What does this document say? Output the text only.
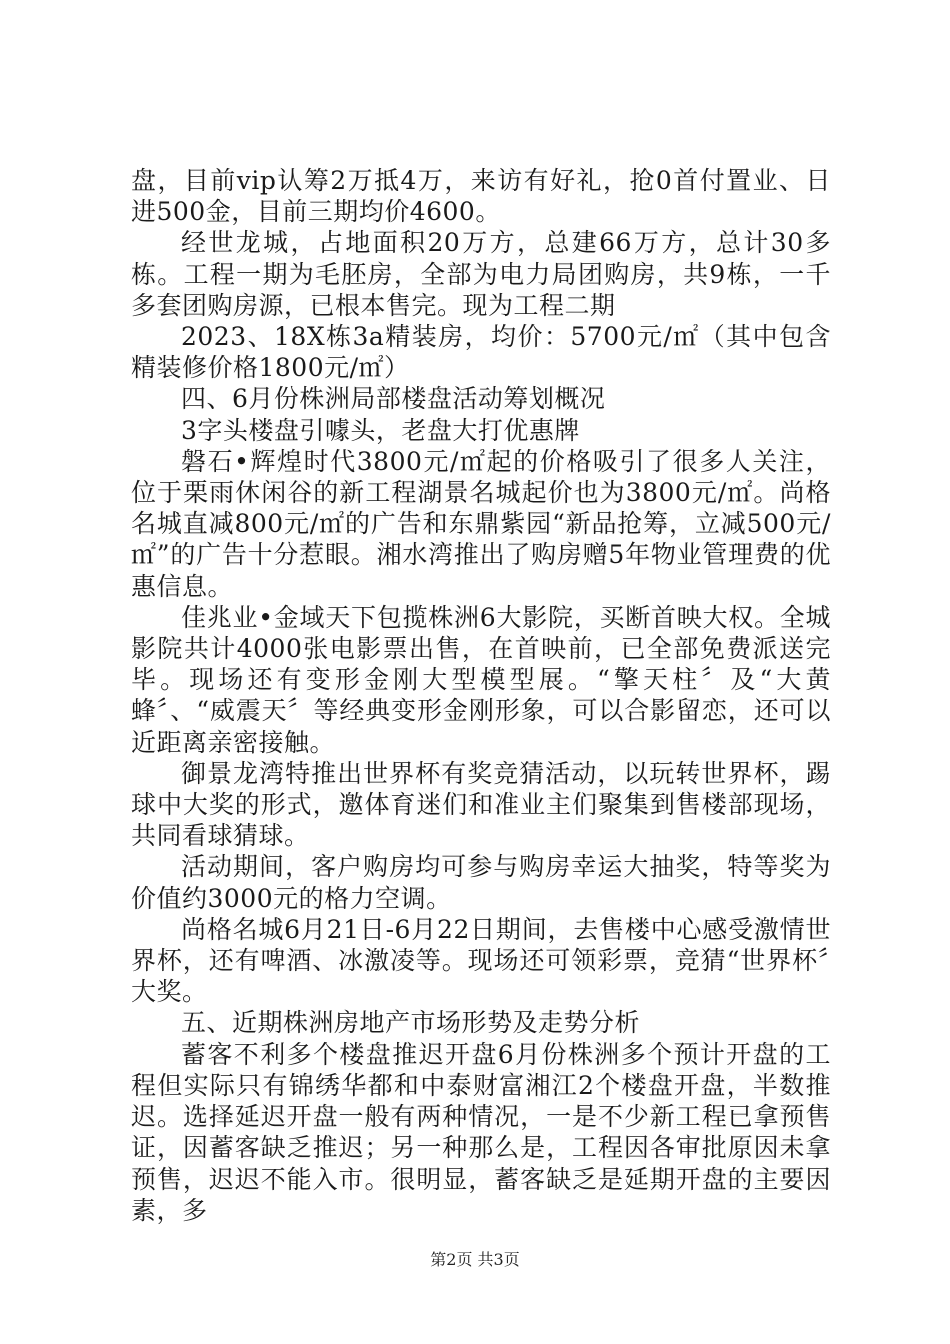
盘，目前vip认筹2万抵4万，来访有好礼，抢0首付置业、日进500金，目前三期均价4600。

经世龙城，占地面积20万方，总建66万方，总计30多栋。工程一期为毛胚房，全部为电力局团购房，共9栋，一千多套团购房源，已根本售完。现为工程二期

2023、18X栋3a精装房，均价：5700元/㎡（其中包含精装修价格1800元/㎡）

四、6月份株洲局部楼盘活动筹划概况

3字头楼盘引噱头，老盘大打优惠牌

磐石•辉煌时代3800元/㎡起的价格吸引了很多人关注，位于栗雨休闲谷的新工程湖景名城起价也为3800元/㎡。尚格名城直减800元/㎡的广告和东鼎紫园“新品抢筹，立减500元/㎡”的广告十分惹眼。湘水湾推出了购房赠5年物业管理费的优惠信息。

佳兆业•金域天下包揽株洲6大影院，买断首映大权。全城影院共计4000张电影票出售，在首映前，已全部免费派送完毕。现场还有变形金刚大型模型展。“擎天柱〞及“大黄蜂〞、“威震天〞等经典变形金刚形象，可以合影留恋，还可以近距离亲密接触。

御景龙湾特推出世界杯有奖竞猜活动，以玩转世界杯，踢球中大奖的形式，邀体育迷们和准业主们聚集到售楼部现场，共同看球猜球。

活动期间，客户购房均可参与购房幸运大抽奖，特等奖为价值约3000元的格力空调。

尚格名城6月21日-6月22日期间，去售楼中心感受激情世界杯，还有啤酒、冰激凌等。现场还可领彩票，竞猜“世界杯〞大奖。

五、近期株洲房地产市场形势及走势分析

蓄客不利多个楼盘推迟开盘6月份株洲多个预计开盘的工程但实际只有锦绣华都和中泰财富湘江2个楼盘开盘，半数推迟。选择延迟开盘一般有两种情况，一是不少新工程已拿预售证，因蓄客缺乏推迟；另一种那么是，工程因各审批原因未拿预售，迟迟不能入市。很明显，蓄客缺乏是延期开盘的主要因素，多

第2页 共3页
